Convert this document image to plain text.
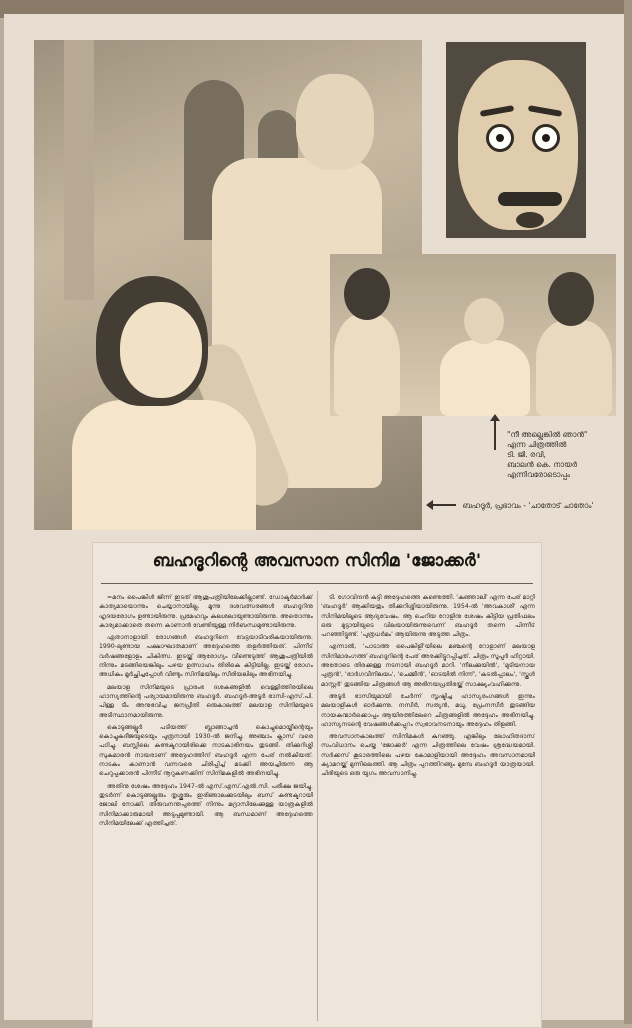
"നീ അല്ലെങ്കിൽ ഞാൻ"
എന്ന ചിത്രത്തിൽ
ടി. ജി. രവി,
ബാലൻ കെ. നായർ
എന്നിവരോടൊപ്പം
ബഹദൂർ, പ്രഭാവം - 'ചാതോട് ചാതോം'
ബഹദൂറിന്റെ അവസാന സിനിമ 'ജോക്കർ'

=മനം പൈങ്കിൾ ജിന്ന് ഇടത് ആശുപത്രിയിലേക്കില്ലാണ്ട്. ഡോക്ടർമാർക്ക് കാത്യമായൊന്നും ചെയ്യാനായില്ല. മൂന്നു ദശവത്സരങ്ങൾ ബഹദൂറിനു ഹൃദയരോഗം ഉണ്ടായിരുന്നു. പ്രമേഹവും കലശലായുണ്ടായിരുന്നു. അതൊന്നും കാര്യമാക്കാതെ തന്നെ കാണാൻ വേണ്ടിയുള്ള നിർബന്ധമുണ്ടായിരുന്നു.

ഏതാനാളായി രോഗങ്ങൾ ബഹദൂറിനെ വേട്ടയാടിവരികയായിരുന്നു. 1990-ലുണ്ടായ പക്ഷാഘാതമാണ് അദ്ദേഹത്തെ തളർത്തിയത്. പിന്നീട് വർഷങ്ങളോളം ചികിത്സ. ഇടയ്ക്ക് ആരോഗ്യം വീണ്ടെടുത്ത് ആശുപത്രിയിൽ നിന്നും മടങ്ങിയെങ്കിലും പഴയ ഉത്സാഹം തിരികെ കിട്ടിയില്ല. ഇടയ്ക്ക് രോഗം അധികം മൂർച്ഛിച്ചപ്പോൾ വീണ്ടും സിനിമയിലും സീരിയലിലും അഭിനയിച്ചു.

മലയാള സിനിമയുടെ പ്രാരംഭ ദശകങ്ങളിൽ വെള്ളിത്തിരയിലെ ഹാസ്യത്തിന്റെ പര്യായമായിരുന്നു ബഹദൂർ. ബഹദൂർ-അടൂർ ഭാസി-എസ്.പി. പിള്ള ടീം അനുഭവിച്ച ജനപ്രീതി ഒരുകാലത്ത് മലയാള സിനിമയുടെ അടിസ്ഥാനമായിരുന്നു.

കൊടുങ്ങല്ലൂർ പടിയത്ത് ബ്ലാങ്ങാച്ചൻ കൊച്ചുമൊയ്തീന്റെയും കൊച്ചുകദീജയുടെയും പുത്രനായി 1930-ൽ ജനിച്ചു. അഞ്ചാം ക്ലാസ് വരെ പഠിച്ചു. ബസ്സിലെ കണ്ടക്ടറായിരിക്കെ നാടകാഭിനയം തുടങ്ങി. തിക്കുറിശ്ശി സുകുമാരൻ നായരാണ് അദ്ദേഹത്തിന് ബഹദൂർ എന്ന പേര് നൽകിയത്. നാടകം കാണാൻ വന്നവരെ ചിരിപ്പിച്ച് മടക്കി അയച്ചിരുന്ന ആ ചെറുപ്പക്കാരൻ പിന്നീട് നൂറുകണക്കിന് സിനിമകളിൽ അഭിനയിച്ചു.

അതിനു ശേഷം അദ്ദേഹം 1947-ൽ എസ്.എസ്.എൽ.സി. പരീക്ഷ ജയിച്ചു. തുടർന്ന് കൊടുങ്ങല്ലൂരും തൃശ്ശൂരും ഇരിങ്ങാലക്കുടയിലും ബസ് കണ്ടക്ടറായി ജോലി നോക്കി. തിരുവനന്തപുരത്ത് നിന്നും മദ്രാസിലേക്കുള്ള യാത്രകളിൽ സിനിമാക്കാരുമായി അടുപ്പമുണ്ടായി. ആ ബന്ധമാണ് അദ്ദേഹത്തെ സിനിമയിലേക്ക് എത്തിച്ചത്.

ടി. ഗോവിന്ദൻ കുട്ടി അദ്ദേഹത്തെ കണ്ടെത്തി. 'കുഞ്ഞാലി' എന്ന പേര് മാറ്റി 'ബഹദൂർ' ആക്കിയതും തിക്കുറിശ്ശിയായിരുന്നു. 1954-ൽ 'അവകാശി' എന്ന സിനിമയിലൂടെ ആദ്യവേഷം. ആ ചെറിയ റോളിനു ശേഷം കിട്ടിയ പ്രതിഫലം ഒരു മുട്ടായിയുടെ വിലയായിരുന്നുവെന്ന് ബഹദൂർ തന്നെ പിന്നീട് പറഞ്ഞിട്ടുണ്ട്. 'പുത്രധർമം' ആയിരുന്നു അടുത്ത ചിത്രം.

എന്നാൽ, 'പാടാത്ത പൈങ്കിളി'യിലെ മഞ്ചന്റെ റോളാണ് മലയാള സിനിമാരംഗത്ത് ബഹദൂറിന്റെ പേര് അരക്കിട്ടുറപ്പിച്ചത്. ചിത്രം സൂപ്പർ ഹിറ്റായി. അതോടെ തിരക്കുള്ള നടനായി ബഹദൂർ മാറി. 'നീലക്കുയിൽ', 'മുടിയനായ പുത്രൻ', 'ഭാർഗവീനിലയം', 'ചെമ്മീൻ', 'ഓടയിൽ നിന്ന്', 'കടൽപ്പാലം', 'സ്കൂൾ മാസ്റ്റർ' തുടങ്ങിയ ചിത്രങ്ങൾ ആ അഭിനയപ്രതിഭയ്ക്ക് സാക്ഷ്യംവഹിക്കുന്നു.

അടൂർ ഭാസിയുമായി ചേർന്ന് സൃഷ്ടിച്ച ഹാസ്യരംഗങ്ങൾ ഇന്നും മലയാളികൾ ഓർക്കുന്നു. നസീർ, സത്യൻ, മധു, പ്രേംനസീർ തുടങ്ങിയ നായകന്മാർക്കൊപ്പം ആയിരത്തിലേറെ ചിത്രങ്ങളിൽ അദ്ദേഹം അഭിനയിച്ചു. ഹാസ്യനടന്റെ വേഷങ്ങൾക്കപ്പുറം സ്വഭാവനടനായും അദ്ദേഹം തിളങ്ങി.

അവസാനകാലത്ത് സിനിമകൾ കുറഞ്ഞു. എങ്കിലും ലോഹിതദാസ് സംവിധാനം ചെയ്ത 'ജോക്കർ' എന്ന ചിത്രത്തിലെ വേഷം ശ്രദ്ധേയമായി. സർക്കസ് കൂടാരത്തിലെ പഴയ കോമാളിയായി അദ്ദേഹം അവസാനമായി ക്യാമറയ്ക്ക് മുന്നിലെത്തി. ആ ചിത്രം പുറത്തിറങ്ങും മുമ്പേ ബഹദൂർ യാത്രയായി. ചിരിയുടെ ഒരു യുഗം അവസാനിച്ചു.
